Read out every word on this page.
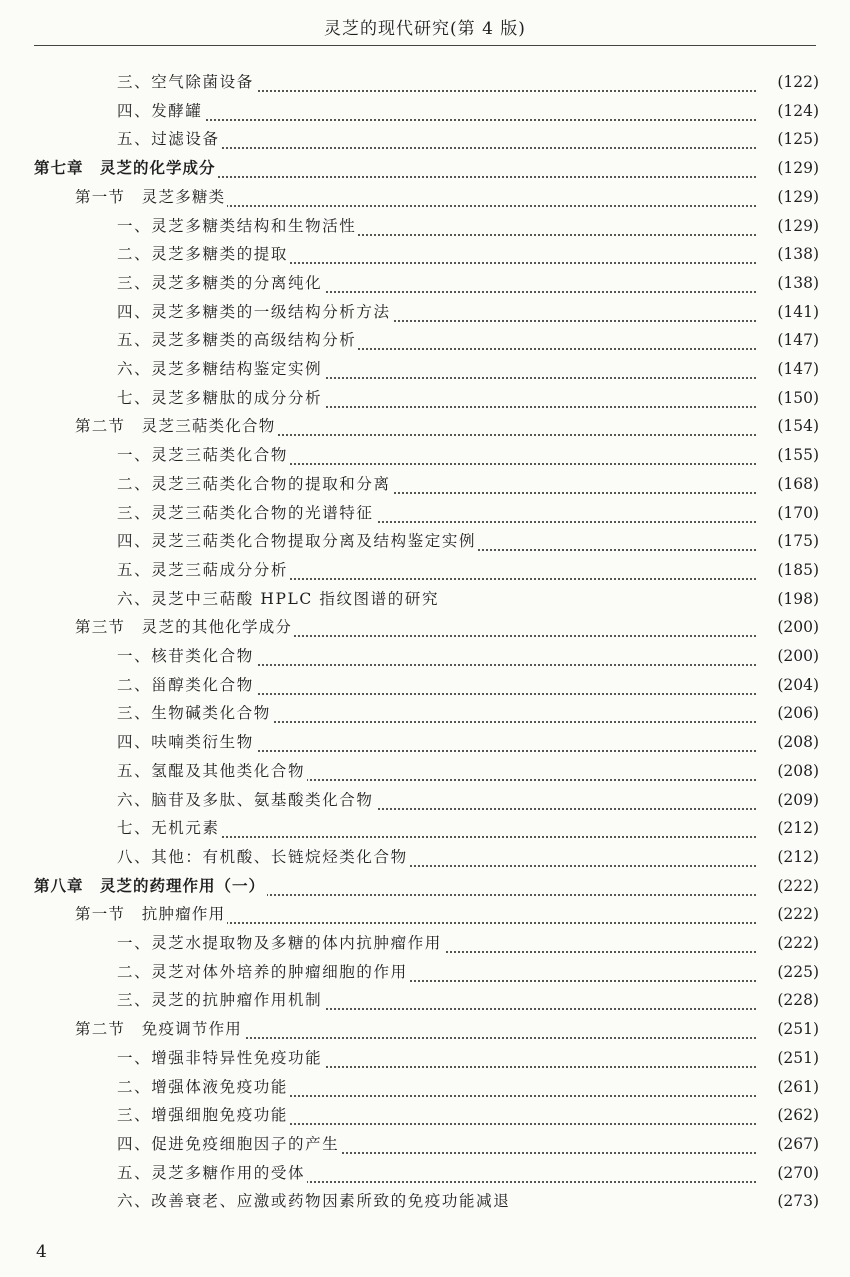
灵芝的现代研究(第 4 版)
三、空气除菌设备	(122)
四、发酵罐	(124)
五、过滤设备	(125)
第七章　灵芝的化学成分	(129)
第一节　灵芝多糖类	(129)
一、灵芝多糖类结构和生物活性	(129)
二、灵芝多糖类的提取	(138)
三、灵芝多糖类的分离纯化	(138)
四、灵芝多糖类的一级结构分析方法	(141)
五、灵芝多糖类的高级结构分析	(147)
六、灵芝多糖结构鉴定实例	(147)
七、灵芝多糖肽的成分分析	(150)
第二节　灵芝三萜类化合物	(154)
一、灵芝三萜类化合物	(155)
二、灵芝三萜类化合物的提取和分离	(168)
三、灵芝三萜类化合物的光谱特征	(170)
四、灵芝三萜类化合物提取分离及结构鉴定实例	(175)
五、灵芝三萜成分分析	(185)
六、灵芝中三萜酸 HPLC 指纹图谱的研究	(198)
第三节　灵芝的其他化学成分	(200)
一、核苷类化合物	(200)
二、甾醇类化合物	(204)
三、生物碱类化合物	(206)
四、呋喃类衍生物	(208)
五、氢醌及其他类化合物	(208)
六、脑苷及多肽、氨基酸类化合物	(209)
七、无机元素	(212)
八、其他：有机酸、长链烷烃类化合物	(212)
第八章　灵芝的药理作用（一）	(222)
第一节　抗肿瘤作用	(222)
一、灵芝水提取物及多糖的体内抗肿瘤作用	(222)
二、灵芝对体外培养的肿瘤细胞的作用	(225)
三、灵芝的抗肿瘤作用机制	(228)
第二节　免疫调节作用	(251)
一、增强非特异性免疫功能	(251)
二、增强体液免疫功能	(261)
三、增强细胞免疫功能	(262)
四、促进免疫细胞因子的产生	(267)
五、灵芝多糖作用的受体	(270)
六、改善衰老、应激或药物因素所致的免疫功能减退	(273)
4
